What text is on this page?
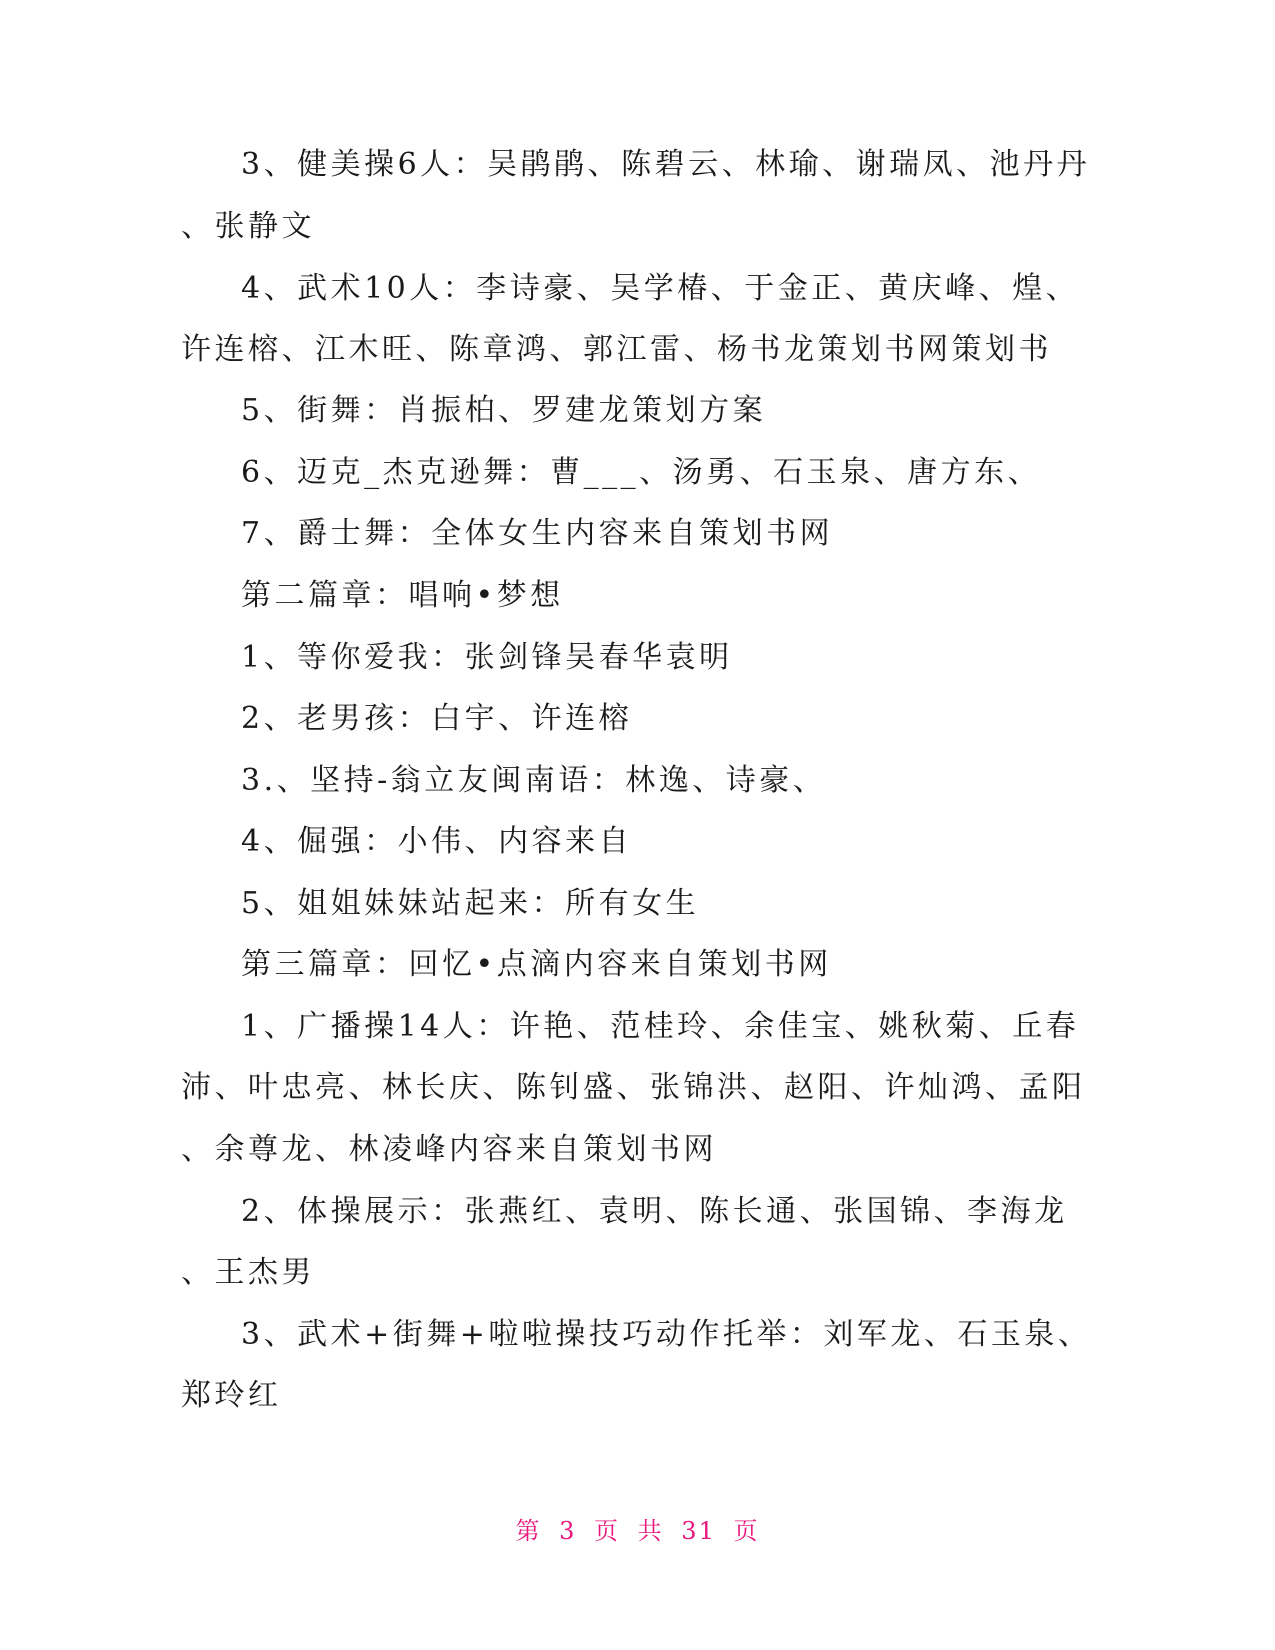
3、健美操6人：吴鹃鹃、陈碧云、林瑜、谢瑞凤、池丹丹
、张静文
4、武术10人：李诗豪、吴学椿、于金正、黄庆峰、煌、
许连榕、江木旺、陈章鸿、郭江雷、杨书龙策划书网策划书
5、街舞：肖振柏、罗建龙策划方案
6、迈克_杰克逊舞：曹___、汤勇、石玉泉、唐方东、
7、爵士舞：全体女生内容来自策划书网
第二篇章：唱响•梦想
1、等你爱我：张剑锋吴春华袁明
2、老男孩：白宇、许连榕
3.、坚持-翁立友闽南语：林逸、诗豪、
4、倔强：小伟、内容来自
5、姐姐妹妹站起来：所有女生
第三篇章：回忆•点滴内容来自策划书网
1、广播操14人：许艳、范桂玲、余佳宝、姚秋菊、丘春
沛、叶忠亮、林长庆、陈钊盛、张锦洪、赵阳、许灿鸿、孟阳
、余尊龙、林凌峰内容来自策划书网
2、体操展示：张燕红、袁明、陈长通、张国锦、李海龙
、王杰男
3、武术+街舞+啦啦操技巧动作托举：刘军龙、石玉泉、
郑玲红
第 3 页 共 31 页
